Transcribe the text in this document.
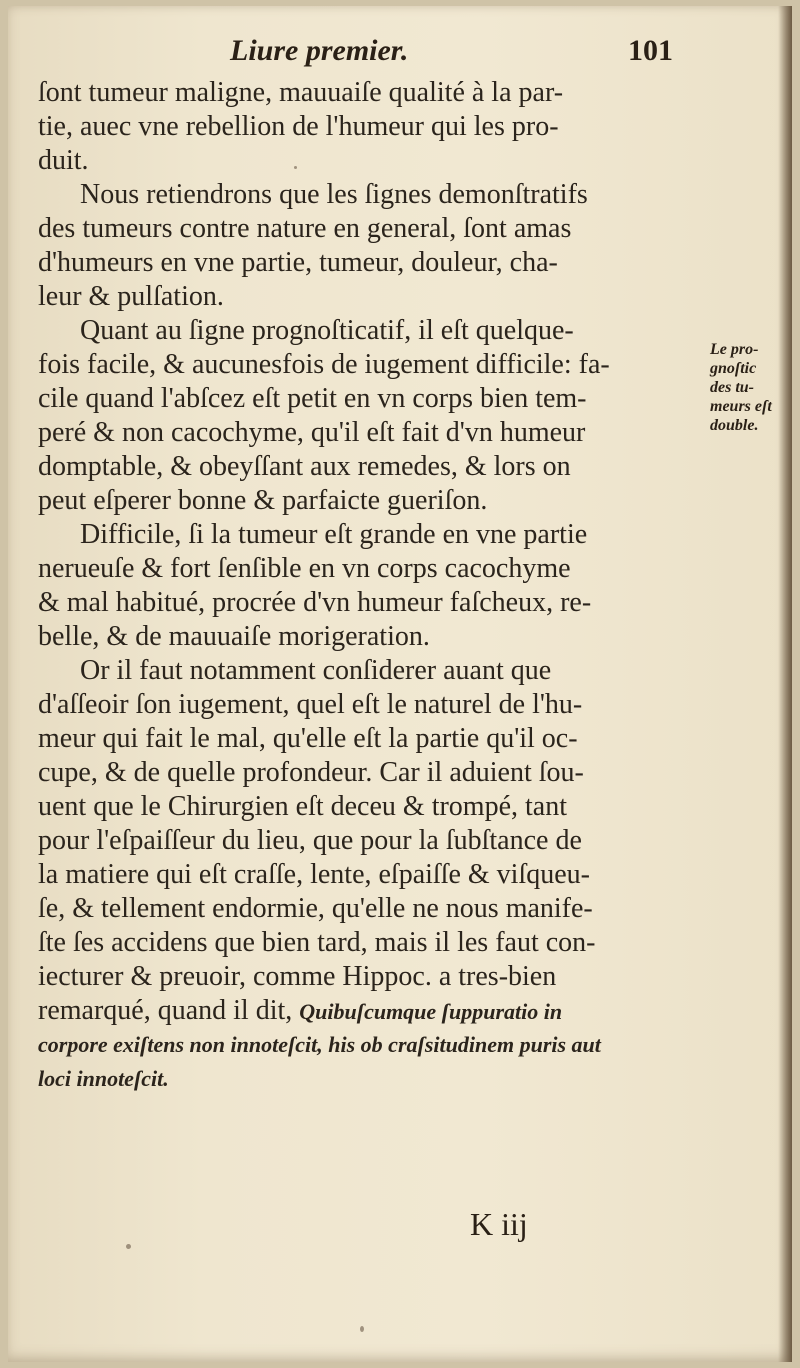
Liure premier.	101
ſont tumeur maligne, mauuaiſe qualité à la par-
tie, auec vne rebellion de l'humeur qui les pro-
duit.
Nous retiendrons que les ſignes demonſtratifs
des tumeurs contre nature en general, ſont amas
d'humeurs en vne partie, tumeur, douleur, cha-
leur & pulſation.
Quant au ſigne prognoſticatif, il eſt quelque-
fois facile, & aucunesfois de iugement difficile: fa-
cile quand l'abſcez eſt petit en vn corps bien tem-
peré & non cacochyme, qu'il eſt fait d'vn humeur
domptable, & obeyſſant aux remedes, & lors on
peut eſperer bonne & parfaicte gueriſon.
Difficile, ſi la tumeur eſt grande en vne partie
nerueuſe & fort ſenſible en vn corps cacochyme
& mal habitué, procrée d'vn humeur faſcheux, re-
belle, & de mauuaiſe morigeration.
Or il faut notamment conſiderer auant que
d'aſſeoir ſon iugement, quel eſt le naturel de l'hu-
meur qui fait le mal, qu'elle eſt la partie qu'il oc-
cupe, & de quelle profondeur. Car il aduient ſou-
uent que le Chirurgien eſt deceu & trompé, tant
pour l'eſpaiſſeur du lieu, que pour la ſubſtance de
la matiere qui eſt craſſe, lente, eſpaiſſe & viſqueu-
ſe, & tellement endormie, qu'elle ne nous manife-
ſte ſes accidens que bien tard, mais il les faut con-
iecturer & preuoir, comme Hippoc. a tres-bien
remarqué, quand il dit, Quibuſcumque ſuppuratio in
corpore exiſtens non innoteſcit, his ob craſsitudinem puris aut
loci innoteſcit.
Le pro-
gnoſtic
des tu-
meurs eſt
double.
K iij
